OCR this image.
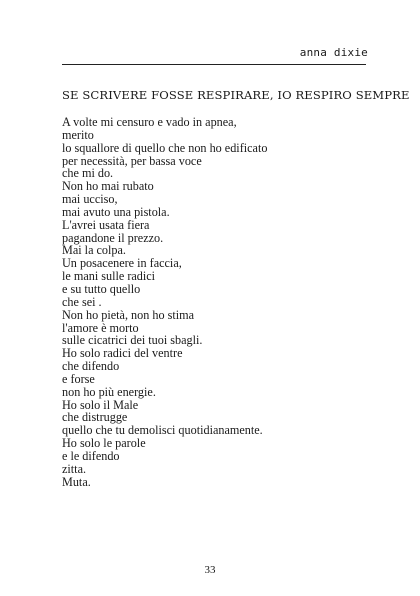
anna dixie
SE SCRIVERE FOSSE RESPIRARE, IO RESPIRO SEMPRE
A volte mi censuro e vado in apnea,
merito
lo squallore di quello che non ho edificato
per necessità, per bassa voce
che mi do.
Non ho mai rubato
mai ucciso,
mai avuto una pistola.
L'avrei usata fiera
pagandone il prezzo.
Mai la colpa.
Un posacenere in faccia,
le mani sulle radici
e su tutto quello
che sei .
Non ho pietà, non ho stima
l'amore è morto
sulle cicatrici dei tuoi sbagli.
Ho solo radici del ventre
che difendo
e forse
non ho più energie.
Ho solo il Male
che distrugge
quello che tu demolisci quotidianamente.
Ho solo le parole
e le difendo
zitta.
Muta.
33
